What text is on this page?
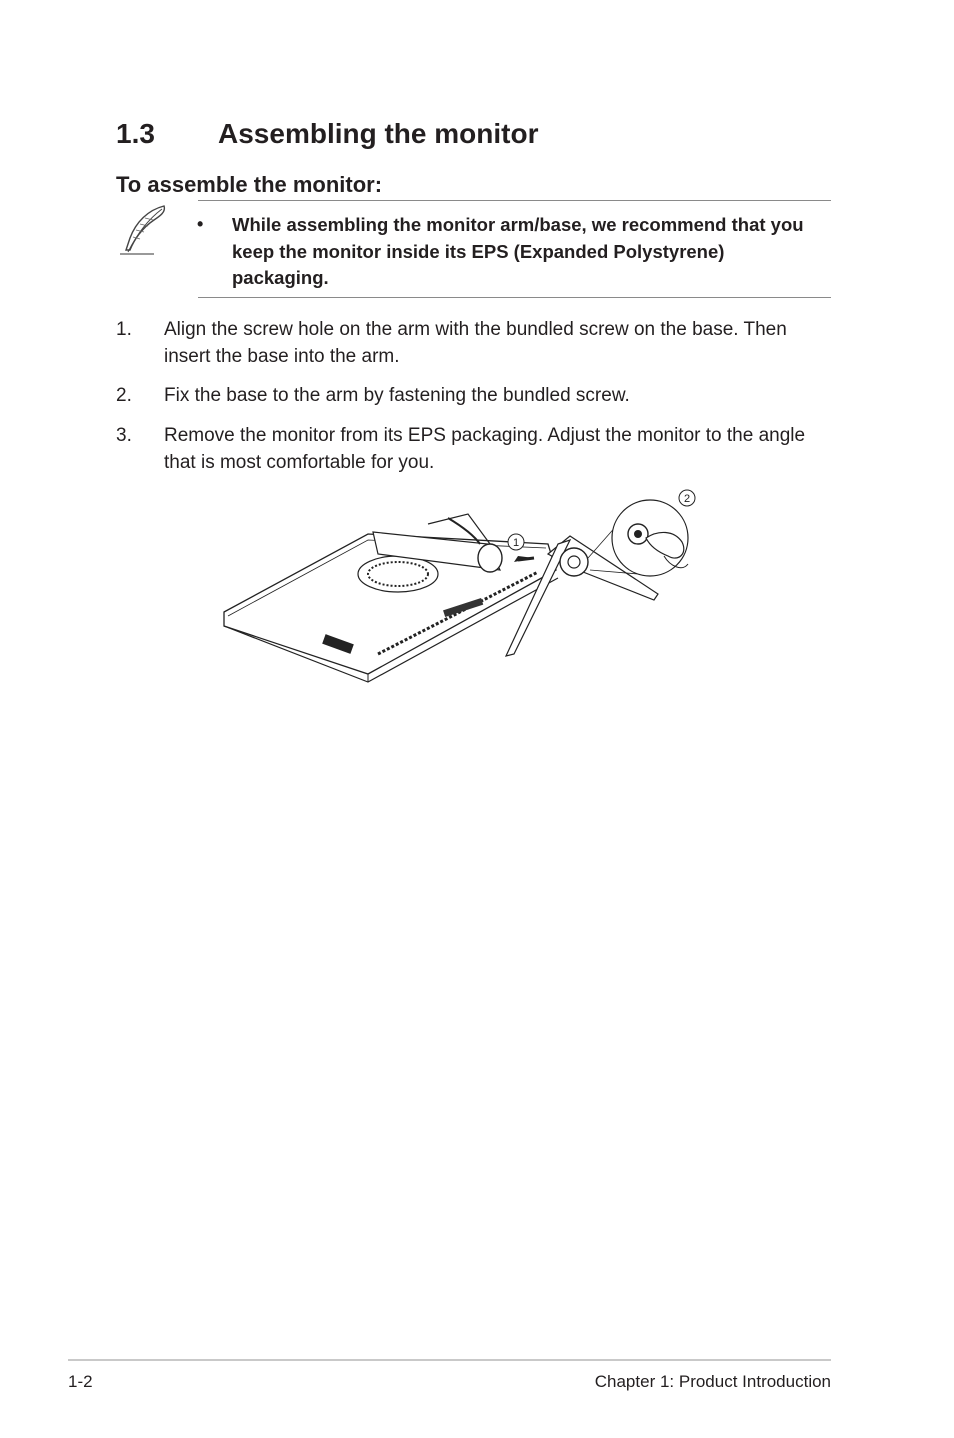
1.3 Assembling the monitor
To assemble the monitor:
• While assembling the monitor arm/base, we recommend that you keep the monitor inside its EPS (Expanded Polystyrene) packaging.
1. Align the screw hole on the arm with the bundled screw on the base. Then insert the base into the arm.
2. Fix the base to the arm by fastening the bundled screw.
3. Remove the monitor from its EPS packaging. Adjust the monitor to the angle that is most comfortable for you.
1
2
1-2	Chapter 1: Product Introduction
